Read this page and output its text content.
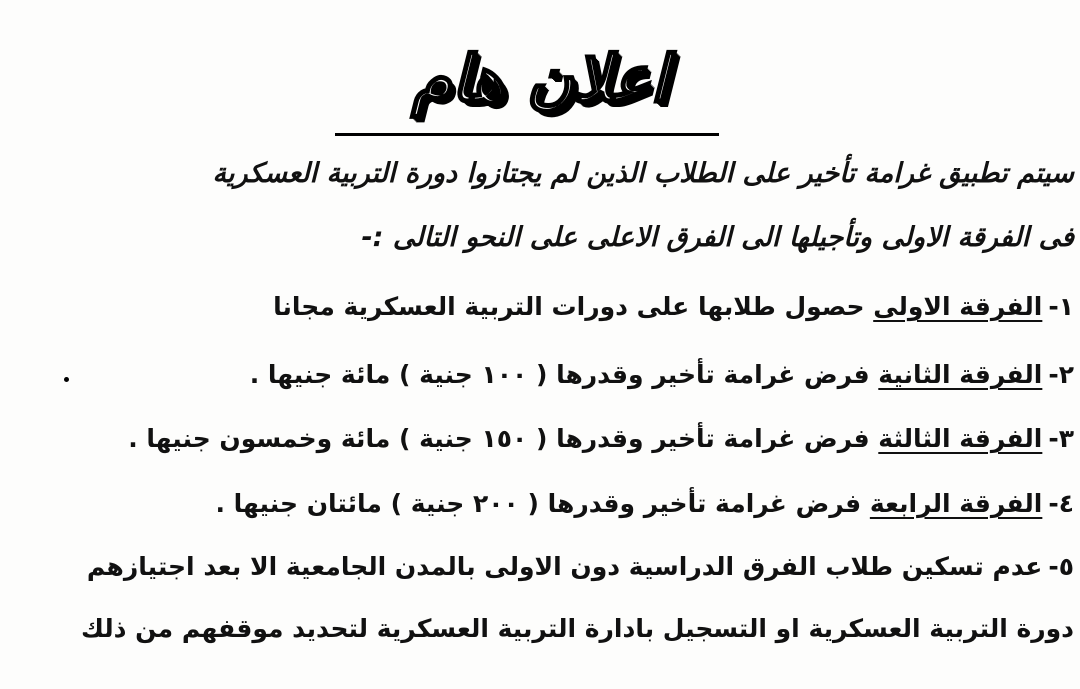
اعلان هام
سيتم تطبيق غرامة تأخير على الطلاب الذين لم يجتازوا دورة التربية العسكرية
فى الفرقة الاولى وتأجيلها الى الفرق الاعلى على النحو التالى :-
١-الفرقة الاولى حصول طلابها على دورات التربية العسكرية مجانا
٢-الفرقة الثانية فرض غرامة تأخير وقدرها ( ١٠٠ جنية ) مائة جنيها .
٣-الفرقة الثالثة فرض غرامة تأخير وقدرها ( ١٥٠ جنية ) مائة وخمسون جنيها .
٤-الفرقة الرابعة فرض غرامة تأخير وقدرها ( ٢٠٠ جنية ) مائتان جنيها .
٥-عدم تسكين طلاب الفرق الدراسية دون الاولى بالمدن الجامعية الا بعد اجتيازهم
دورة التربية العسكرية او التسجيل بادارة التربية العسكرية لتحديد موقفهم من ذلك
